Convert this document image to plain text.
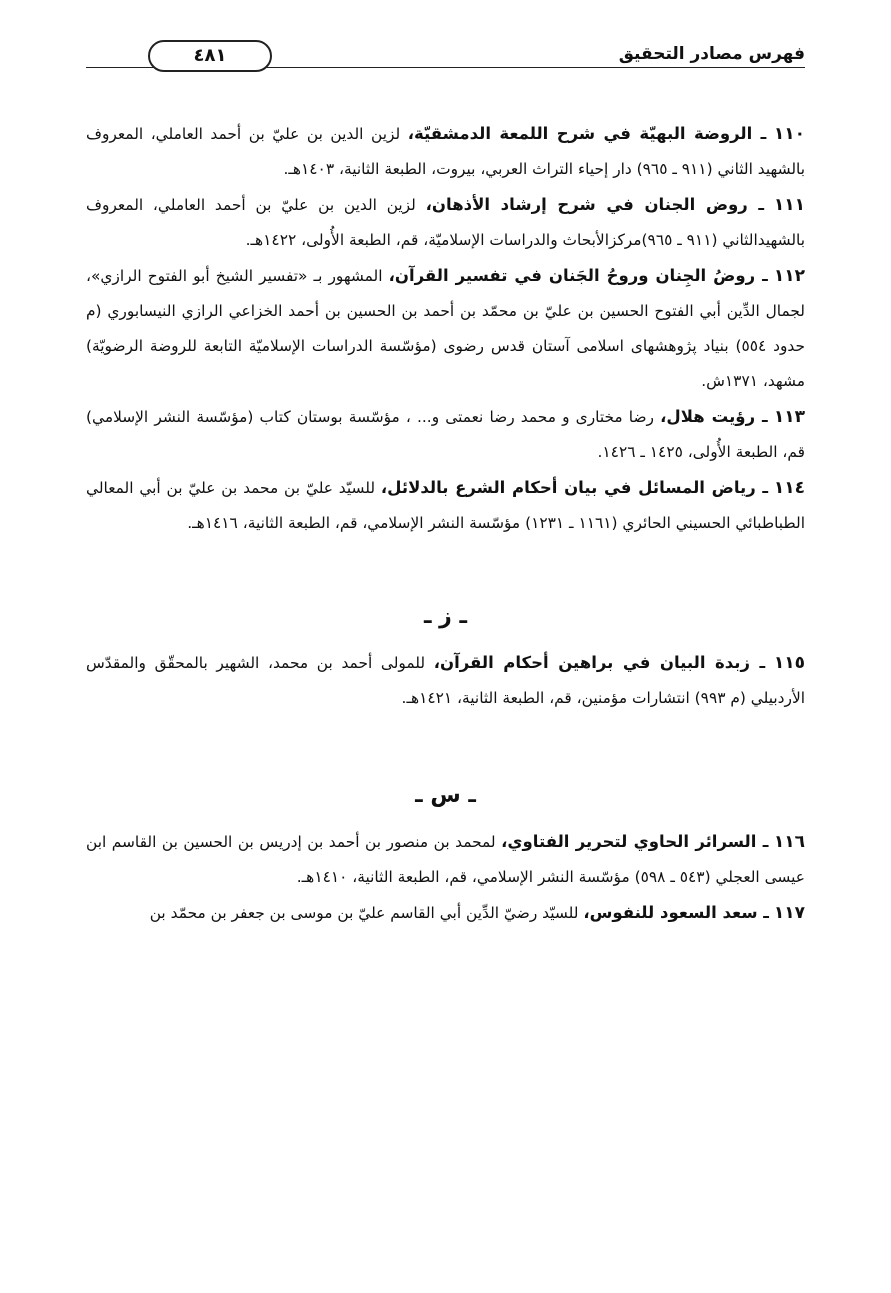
فهرس مصادر التحقيق
٤٨١

١١٠ ـ الروضة البهيّة في شرح اللمعة الدمشقيّة، لزين الدين بن عليّ بن أحمد العاملي، المعروف بالشهيد الثاني (٩١١ ـ ٩٦٥) دار إحياء التراث العربي، بيروت، الطبعة الثانية، ١٤٠٣هـ.

١١١ ـ روض الجنان في شرح إرشاد الأذهان، لزين الدين بن عليّ بن أحمد العاملي، المعروف بالشهيدالثاني (٩١١ ـ ٩٦٥)مركزالأبحاث والدراسات الإسلاميّة، قم، الطبعة الأُولى، ١٤٢٢هـ.

١١٢ ـ روضُ الجِنان وروحُ الجَنان في تفسير القرآن، المشهور بـ «تفسير الشيخ أبو الفتوح الرازي»، لجمال الدِّين أبي الفتوح الحسين بن عليّ بن محمّد بن أحمد بن الحسين بن أحمد الخزاعي الرازي النيسابوري (م حدود ٥٥٤) بنياد پژوهشهاى اسلامى آستان قدس رضوى (مؤسّسة الدراسات الإسلاميّة التابعة للروضة الرضويّة) مشهد، ١٣٧١ش.

١١٣ ـ رؤيت هلال، رضا مختارى و محمد رضا نعمتى و... ، مؤسّسة بوستان كتاب (مؤسّسة النشر الإسلامي) قم، الطبعة الأُولى، ١٤٢٥ ـ ١٤٢٦.

١١٤ ـ رياض المسائل في بيان أحكام الشرع بالدلائل، للسيّد عليّ بن محمد بن عليّ بن أبي المعالي الطباطبائي الحسيني الحائري (١١٦١ ـ ١٢٣١) مؤسّسة النشر الإسلامي، قم، الطبعة الثانية، ١٤١٦هـ.

ـ ز ـ

١١٥ ـ زبدة البيان في براهين أحكام القرآن، للمولى أحمد بن محمد، الشهير بالمحقّق والمقدّس الأردبيلي (م ٩٩٣) انتشارات مؤمنين، قم، الطبعة الثانية، ١٤٢١هـ.

ـ س ـ

١١٦ ـ السرائر الحاوي لتحرير الفتاوي، لمحمد بن منصور بن أحمد بن إدريس بن الحسين بن القاسم ابن عيسى العجلي (٥٤٣ ـ ٥٩٨) مؤسّسة النشر الإسلامي، قم، الطبعة الثانية، ١٤١٠هـ.

١١٧ ـ سعد السعود للنفوس، للسيّد رضيّ الدِّين أبي القاسم عليّ بن موسى بن جعفر بن محمّد بن
